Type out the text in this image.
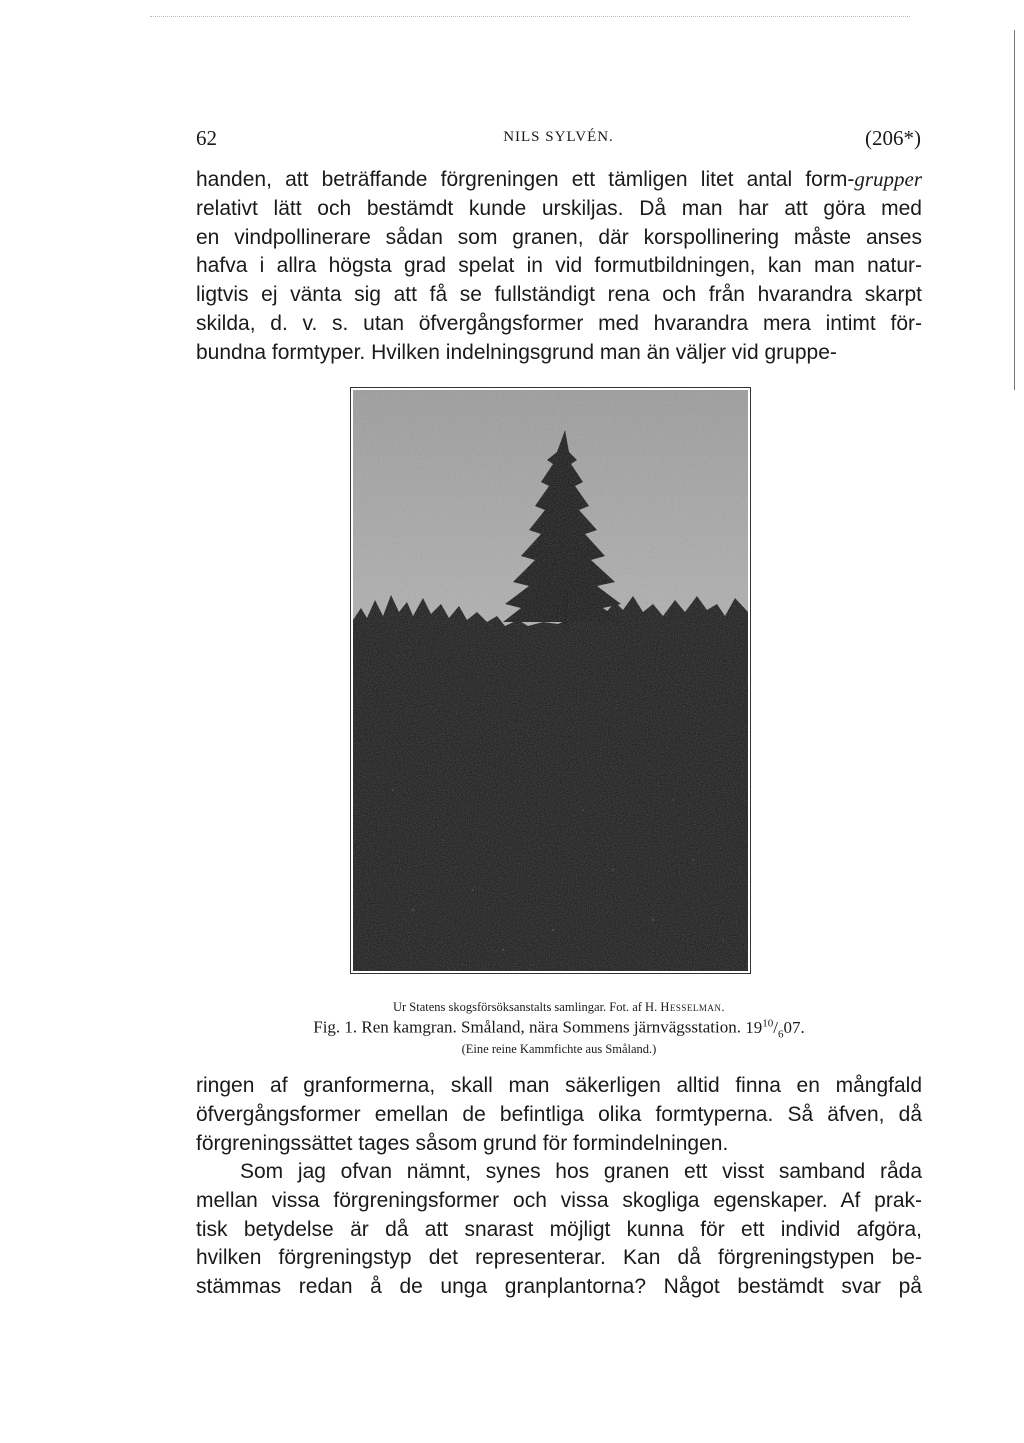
62	NILS SYLVÉN.	(206*)

handen, att beträffande förgreningen ett tämligen litet antal form-grupper
relativt lätt och bestämdt kunde urskiljas. Då man har att göra med
en vindpollinerare sådan som granen, där korspollinering måste anses
hafva i allra högsta grad spelat in vid formutbildningen, kan man natur-
ligtvis ej vänta sig att få se fullständigt rena och från hvarandra skarpt
skilda, d. v. s. utan öfvergångsformer med hvarandra mera intimt för-
bundna formtyper. Hvilken indelningsgrund man än väljer vid gruppe-

Ur Statens skogsförsöksanstalts samlingar. Fot. af H. Hesselman.
Fig. 1. Ren kamgran. Småland, nära Sommens järnvägsstation. $19^{10}/_607$.
(Eine reine Kammfichte aus Småland.)

ringen af granformerna, skall man säkerligen alltid finna en mångfald
öfvergångsformer emellan de befintliga olika formtyperna. Så äfven, då
förgreningssättet tages såsom grund för formindelningen.

Som jag ofvan nämnt, synes hos granen ett visst samband råda
mellan vissa förgreningsformer och vissa skogliga egenskaper. Af prak-
tisk betydelse är då att snarast möjligt kunna för ett individ afgöra,
hvilken förgreningstyp det representerar. Kan då förgreningstypen be-
stämmas redan å de unga granplantorna? Något bestämdt svar på
